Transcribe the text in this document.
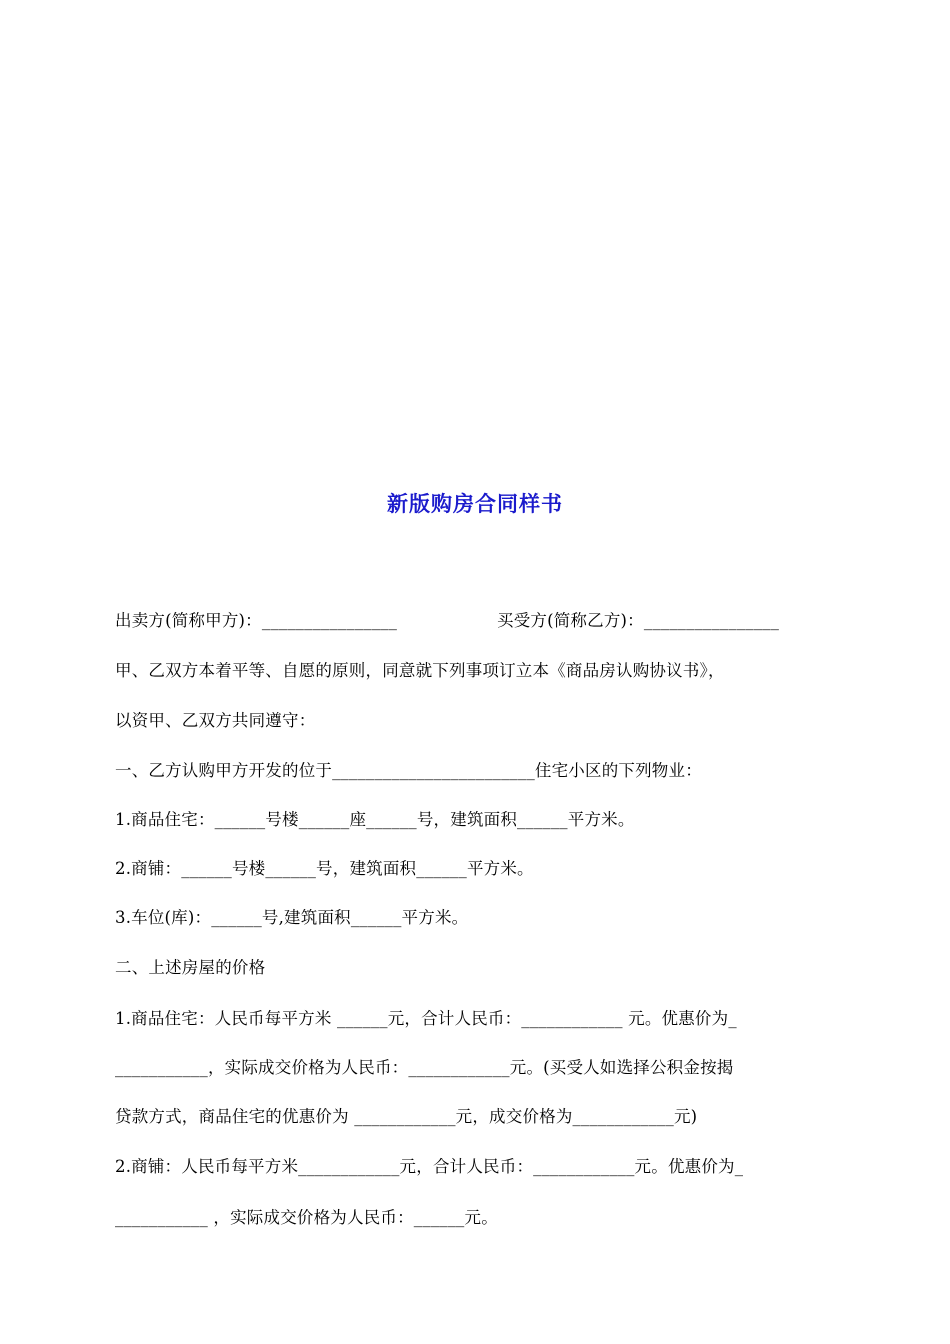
新版购房合同样书
出卖方(简称甲方)：________________	买受方(简称乙方)：________________
甲、乙双方本着平等、自愿的原则，同意就下列事项订立本《商品房认购协议书》，
以资甲、乙双方共同遵守：
一、乙方认购甲方开发的位于________________________住宅小区的下列物业：
1.商品住宅：______号楼______座______号，建筑面积______平方米。
2.商铺：______号楼______号，建筑面积______平方米。
3.车位(库)：______号,建筑面积______平方米。
二、上述房屋的价格
1.商品住宅：人民币每平方米 ______元，合计人民币：____________ 元。优惠价为_
___________，实际成交价格为人民币：____________元。(买受人如选择公积金按揭
贷款方式，商品住宅的优惠价为 ____________元，成交价格为____________元)
2.商铺：人民币每平方米____________元，合计人民币：____________元。优惠价为_
___________ ，实际成交价格为人民币：______元。
